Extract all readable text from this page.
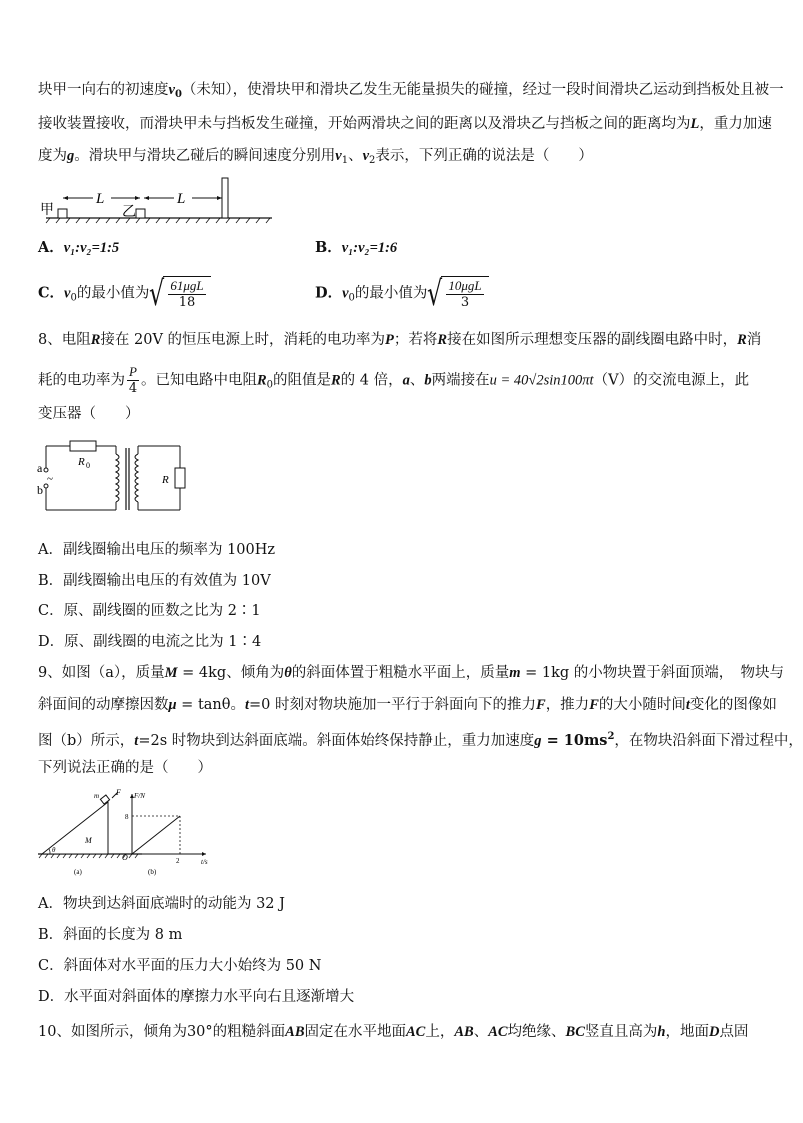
块甲一向右的初速度$v_0$（未知），使滑块甲和滑块乙发生无能量损失的碰撞，经过一段时间滑块乙运动到挡板处且被一
接收装置接收，而滑块甲未与挡板发生碰撞，开始两滑块之间的距离以及滑块乙与挡板之间的距离均为L，重力加速
度为g。滑块甲与滑块乙碰后的瞬间速度分别用$v_1$、$v_2$表示，下列正确的说法是（　　）
甲
L
乙
L
A．v₁:v₂=1:5	B．v₁:v₂=1:6
C．$v_0$的最小值为 √ $\frac{\text{61μgL}}{18}$	D．$v_0$的最小值为 √ $\frac{\text{10μgL}}{3}$
8、电阻R接在 20V 的恒压电源上时，消耗的电功率为P；若将R接在如图所示理想变压器的副线圈电路中时，R消
耗的电功率为 $\frac{P}{4}$ 。已知电路中电阻$R_0$的阻值是R的 4 倍，a、b两端接在u = 40√2sin100πt（V）的交流电源上，此
变压器（　　）
R 0
a
b
~	R
A．副线圈输出电压的频率为 100Hz
B．副线圈输出电压的有效值为 10V
C．原、副线圈的匝数之比为 2∶1
D．原、副线圈的电流之比为 1∶4
9、如图（a），质量M = 4kg、倾角为θ的斜面体置于粗糙水平面上，质量m = 1kg 的小物块置于斜面顶端，　物块与
斜面间的动摩擦因数μ = tanθ。t=0 时刻对物块施加一平行于斜面向下的推力F，推力F的大小随时间t变化的图像如
图（b）所示，t=2s 时物块到达斜面底端。斜面体始终保持静止，重力加速度$g = 10ms^2$，在物块沿斜面下滑过程中，
下列说法正确的是（　　）
m F
M
θ
(a)
F/N
t/s
O
8
2
(b)
A．物块到达斜面底端时的动能为 32 J
B．斜面的长度为 8 m
C．斜面体对水平面的压力大小始终为 50 N
D．水平面对斜面体的摩擦力水平向右且逐渐增大
10、如图所示，倾角为30°的粗糙斜面AB固定在水平地面AC上，AB、AC均绝缘、BC竖直且高为h，地面D点固
